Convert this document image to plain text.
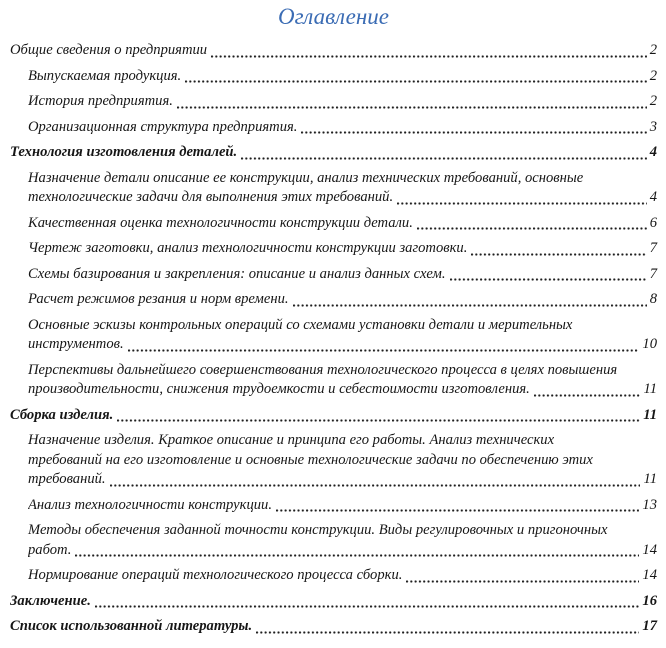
Оглавление
Общие сведения о предприятии	2
Выпускаемая продукция.	2
История предприятия.	2
Организационная структура предприятия.	3
Технология изготовления деталей.	4
Назначение детали описание ее конструкции, анализ технических требований, основные
технологические задачи для выполнения этих требований.	4
Качественная оценка технологичности конструкции детали.	6
Чертеж заготовки, анализ технологичности конструкции заготовки.	7
Схемы базирования и закрепления: описание и анализ данных схем.	7
Расчет режимов резания и норм времени.	8
Основные эскизы контрольных операций со схемами установки детали и мерительных
инструментов.	10
Перспективы дальнейшего совершенствования технологического процесса в целях повышения
производительности, снижения трудоемкости и себестоимости изготовления.	11
Сборка изделия.	11
Назначение изделия. Краткое описание и принципа его работы. Анализ технических
требований на его изготовление и основные технологические задачи по обеспечению этих
требований.	11
Анализ технологичности конструкции.	13
Методы обеспечения заданной точности конструкции. Виды регулировочных и пригоночных
работ.	14
Нормирование операций технологического процесса сборки.	14
Заключение.	16
Список использованной литературы.	17
